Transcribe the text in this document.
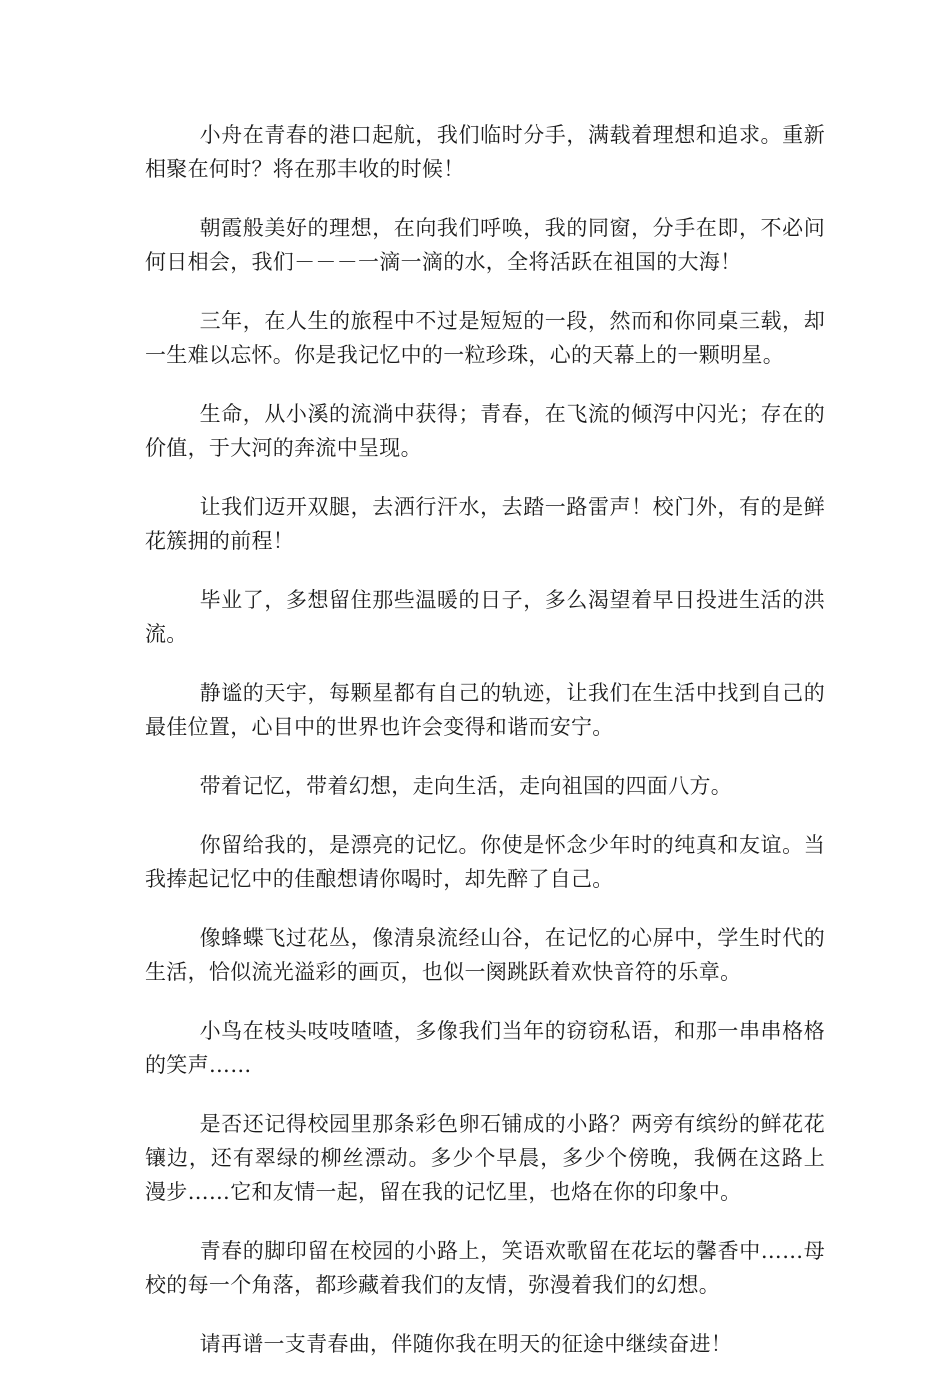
小舟在青春的港口起航，我们临时分手，满载着理想和追求。重新相聚在何时？将在那丰收的时候！

朝霞般美好的理想，在向我们呼唤，我的同窗，分手在即，不必问何日相会，我们－－－一滴一滴的水，全将活跃在祖国的大海！

三年，在人生的旅程中不过是短短的一段，然而和你同桌三载，却一生难以忘怀。你是我记忆中的一粒珍珠，心的天幕上的一颗明星。

生命，从小溪的流淌中获得；青春，在飞流的倾泻中闪光；存在的价值，于大河的奔流中呈现。

让我们迈开双腿，去洒行汗水，去踏一路雷声！校门外，有的是鲜花簇拥的前程！

毕业了，多想留住那些温暖的日子，多么渴望着早日投进生活的洪流。

静谧的天宇，每颗星都有自己的轨迹，让我们在生活中找到自己的最佳位置，心目中的世界也许会变得和谐而安宁。

带着记忆，带着幻想，走向生活，走向祖国的四面八方。

你留给我的，是漂亮的记忆。你使是怀念少年时的纯真和友谊。当我捧起记忆中的佳酿想请你喝时，却先醉了自己。

像蜂蝶飞过花丛，像清泉流经山谷，在记忆的心屏中，学生时代的生活，恰似流光溢彩的画页，也似一阕跳跃着欢快音符的乐章。

小鸟在枝头吱吱喳喳，多像我们当年的窃窃私语，和那一串串格格的笑声……

是否还记得校园里那条彩色卵石铺成的小路？两旁有缤纷的鲜花花镶边，还有翠绿的柳丝漂动。多少个早晨，多少个傍晚，我俩在这路上漫步……它和友情一起，留在我的记忆里，也烙在你的印象中。

青春的脚印留在校园的小路上，笑语欢歌留在花坛的馨香中……母校的每一个角落，都珍藏着我们的友情，弥漫着我们的幻想。

请再谱一支青春曲，伴随你我在明天的征途中继续奋进！
